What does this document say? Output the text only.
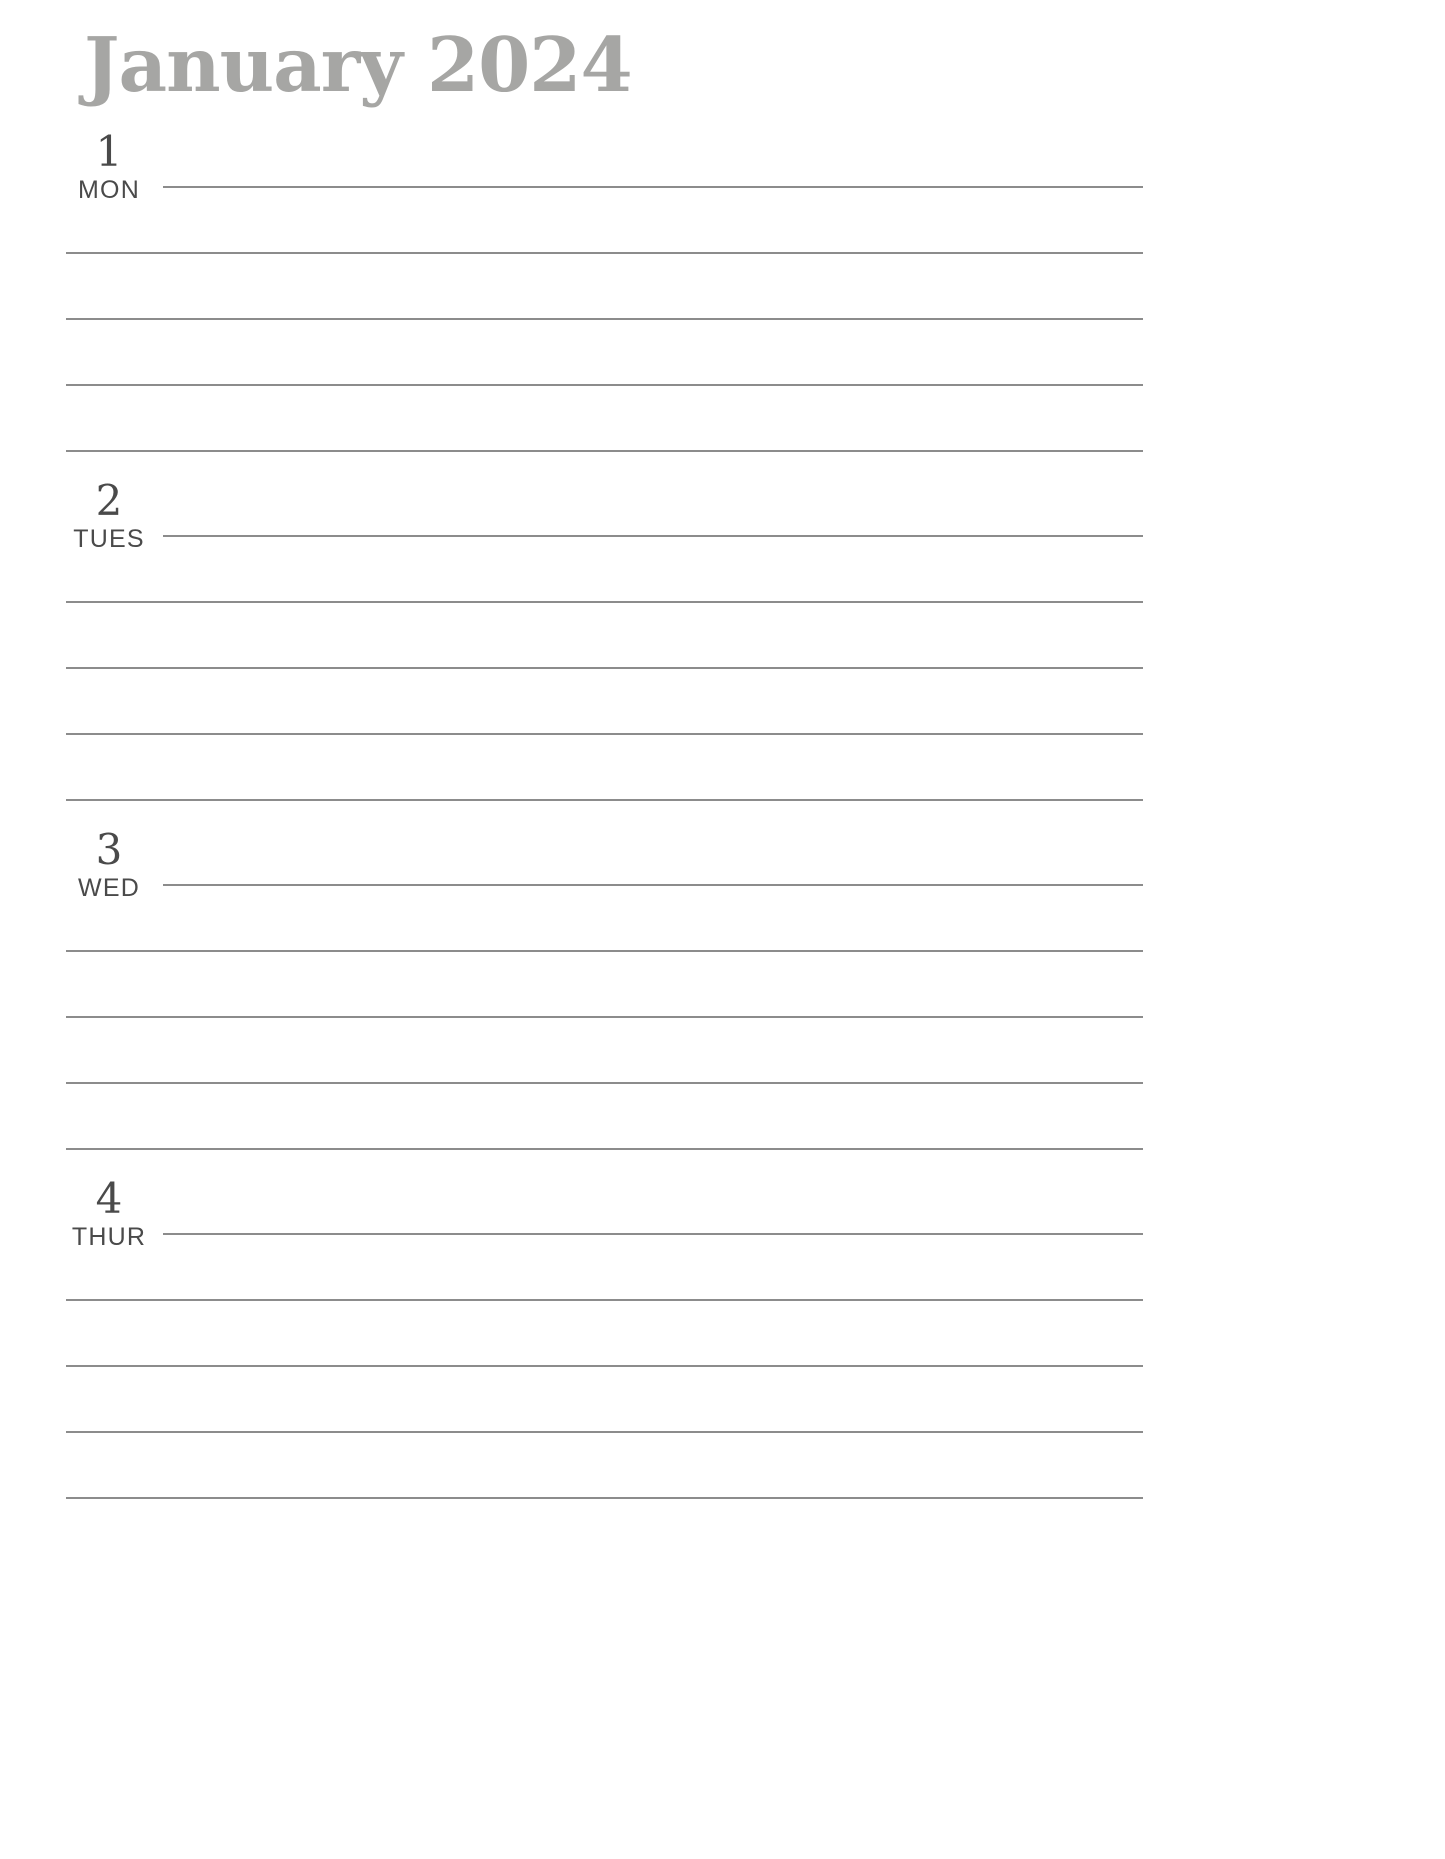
January 2024
1
MON
2
TUES
3
WED
4
THUR
